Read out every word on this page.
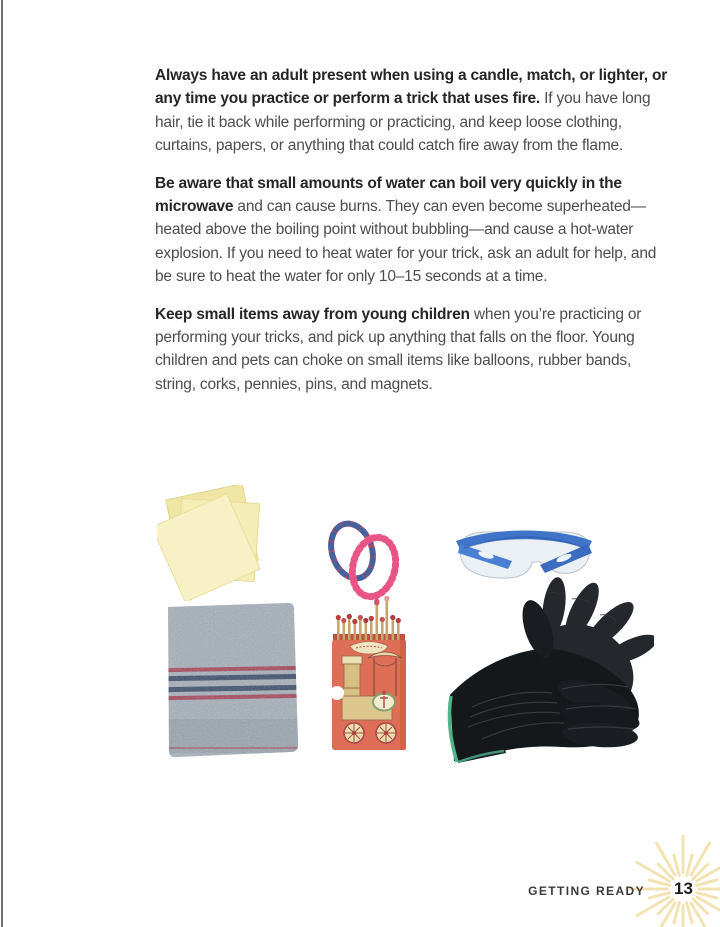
Always have an adult present when using a candle, match, or lighter, or any time you practice or perform a trick that uses fire. If you have long hair, tie it back while performing or practicing, and keep loose clothing, curtains, papers, or anything that could catch fire away from the flame.

Be aware that small amounts of water can boil very quickly in the microwave and can cause burns. They can even become superheated—heated above the boiling point without bubbling—and cause a hot-water explosion. If you need to heat water for your trick, ask an adult for help, and be sure to heat the water for only 10–15 seconds at a time.

Keep small items away from young children when you’re practicing or performing your tricks, and pick up anything that falls on the floor. Young children and pets can choke on small items like balloons, rubber bands, string, corks, pennies, pins, and magnets.

GETTING READY 13
